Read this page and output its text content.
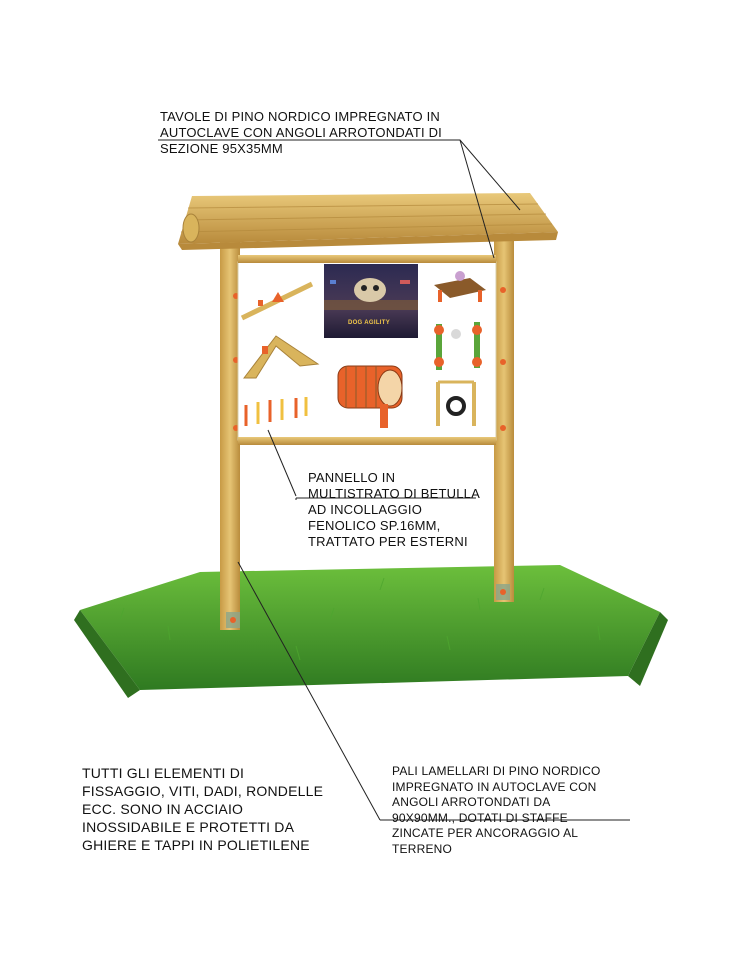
DOG AGILITY

TAVOLE DI PINO NORDICO IMPREGNATO IN
AUTOCLAVE CON ANGOLI ARROTONDATI DI
SEZIONE 95X35MM

PANNELLO IN
MULTISTRATO DI BETULLA
AD INCOLLAGGIO
FENOLICO SP.16MM,
TRATTATO PER ESTERNI

TUTTI GLI ELEMENTI DI
FISSAGGIO, VITI, DADI, RONDELLE
ECC. SONO IN ACCIAIO
INOSSIDABILE E PROTETTI DA
GHIERE E TAPPI IN POLIETILENE

PALI LAMELLARI DI PINO NORDICO
IMPREGNATO IN AUTOCLAVE CON
ANGOLI ARROTONDATI DA
90X90MM., DOTATI DI STAFFE
ZINCATE PER ANCORAGGIO AL
TERRENO
